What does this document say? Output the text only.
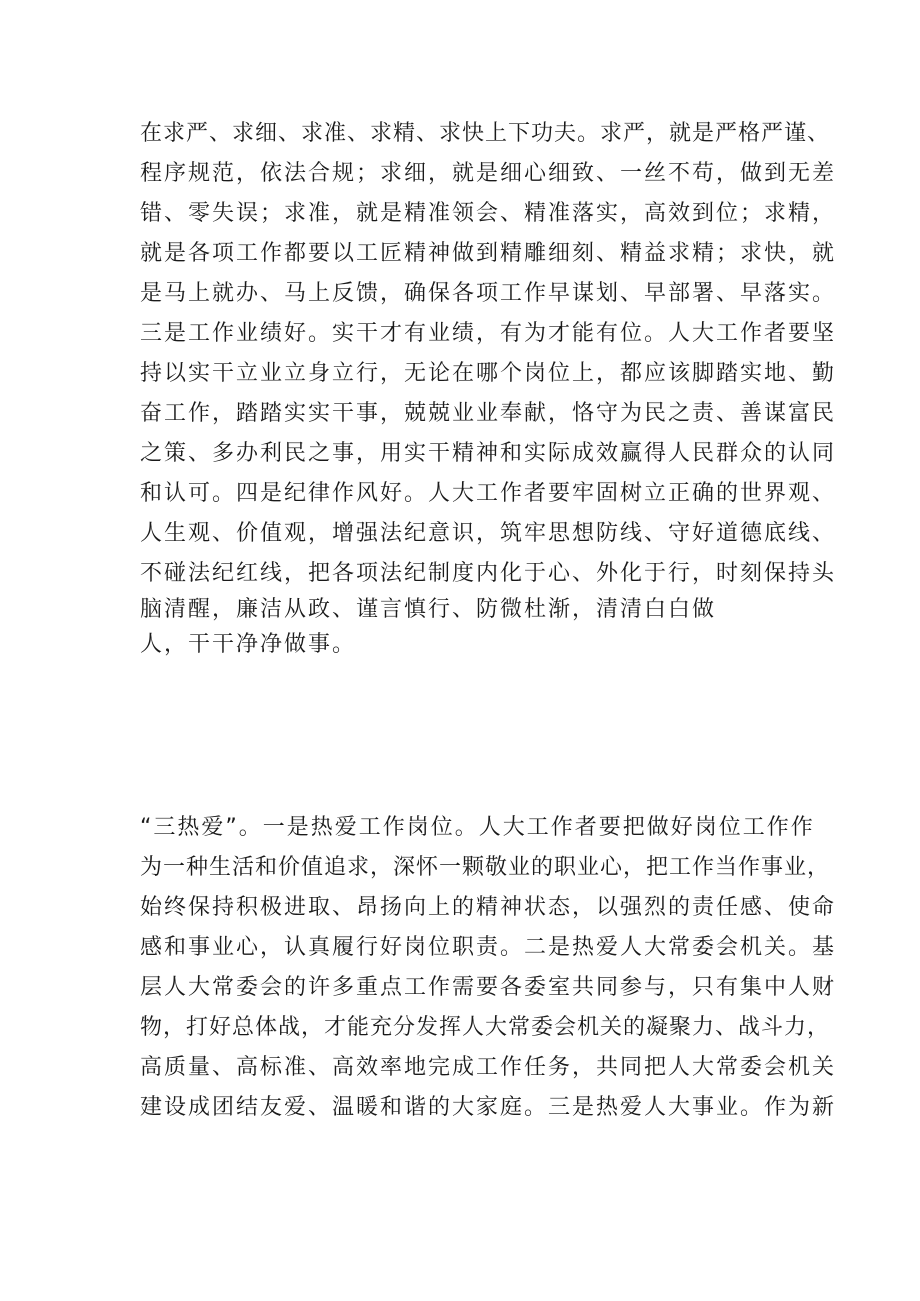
在求严、求细、求准、求精、求快上下功夫。求严，就是严格严谨、
程序规范，依法合规；求细，就是细心细致、一丝不苟，做到无差
错、零失误；求准，就是精准领会、精准落实，高效到位；求精，
就是各项工作都要以工匠精神做到精雕细刻、精益求精；求快，就
是马上就办、马上反馈，确保各项工作早谋划、早部署、早落实。
三是工作业绩好。实干才有业绩，有为才能有位。人大工作者要坚
持以实干立业立身立行，无论在哪个岗位上，都应该脚踏实地、勤
奋工作，踏踏实实干事，兢兢业业奉献，恪守为民之责、善谋富民
之策、多办利民之事，用实干精神和实际成效赢得人民群众的认同
和认可。四是纪律作风好。人大工作者要牢固树立正确的世界观、
人生观、价值观，增强法纪意识，筑牢思想防线、守好道德底线、
不碰法纪红线，把各项法纪制度内化于心、外化于行，时刻保持头
脑清醒，廉洁从政、谨言慎行、防微杜渐，清清白白做
人，干干净净做事。
“三热爱”。一是热爱工作岗位。人大工作者要把做好岗位工作作
为一种生活和价值追求，深怀一颗敬业的职业心，把工作当作事业，
始终保持积极进取、昂扬向上的精神状态，以强烈的责任感、使命
感和事业心，认真履行好岗位职责。二是热爱人大常委会机关。基
层人大常委会的许多重点工作需要各委室共同参与，只有集中人财
物，打好总体战，才能充分发挥人大常委会机关的凝聚力、战斗力，
高质量、高标准、高效率地完成工作任务，共同把人大常委会机关
建设成团结友爱、温暖和谐的大家庭。三是热爱人大事业。作为新
